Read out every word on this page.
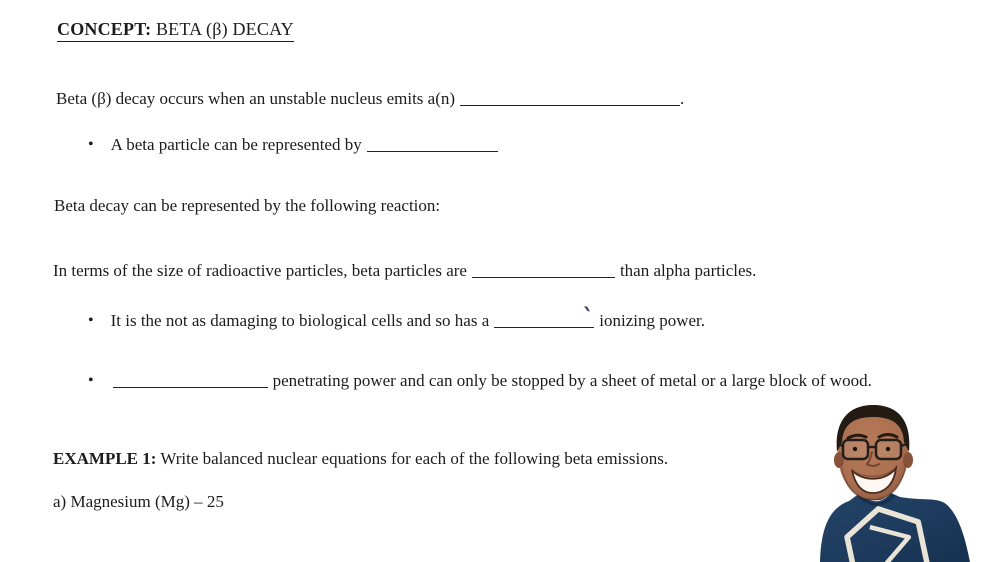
CONCEPT: BETA (β) DECAY
Beta (β) decay occurs when an unstable nucleus emits a(n)	.
• A beta particle can be represented by
Beta decay can be represented by the following reaction:
In terms of the size of radioactive particles, beta particles are	than alpha particles.
• It is the not as damaging to biological cells and so has a	ionizing power.
`
•	penetrating power and can only be stopped by a sheet of metal or a large block of wood.
EXAMPLE 1: Write balanced nuclear equations for each of the following beta emissions.
a) Magnesium (Mg) – 25
